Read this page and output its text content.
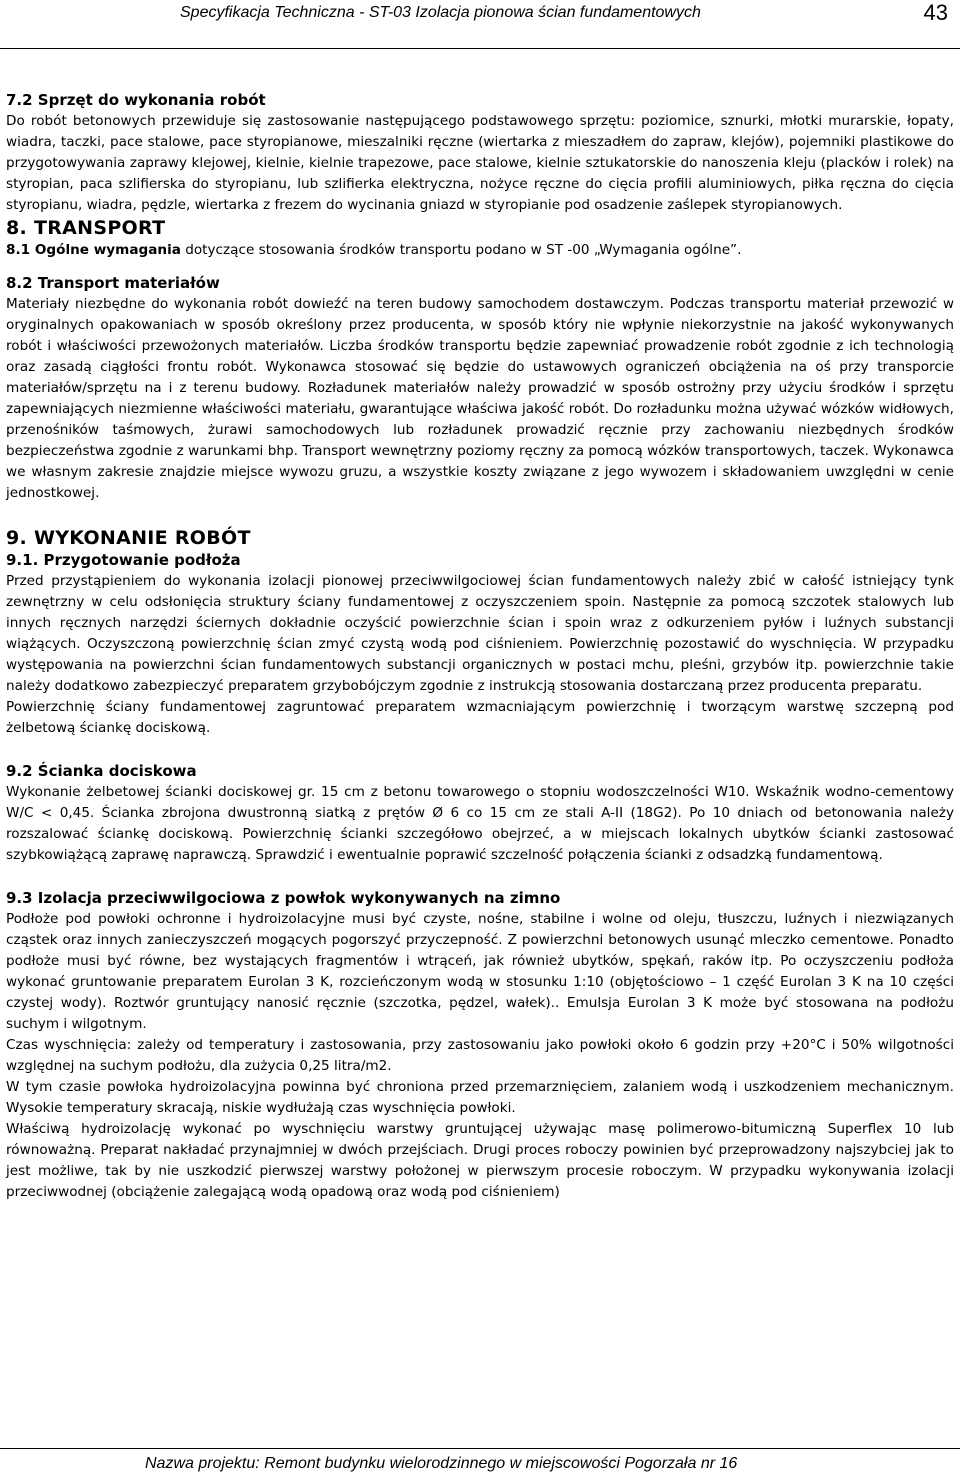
Specyfikacja Techniczna - ST-03 Izolacja pionowa ścian fundamentowych	43

7.2 Sprzęt do wykonania robót

Do robót betonowych przewiduje się zastosowanie następującego podstawowego sprzętu: poziomice, sznurki, młotki murarskie, łopaty, wiadra, taczki, pace stalowe, pace styropianowe, mieszalniki ręczne (wiertarka z mieszadłem do zapraw, klejów), pojemniki plastikowe do przygotowywania zaprawy klejowej, kielnie, kielnie trapezowe, pace stalowe, kielnie sztukatorskie do nanoszenia kleju (placków i rolek) na styropian, paca szlifierska do styropianu, lub szlifierka elektryczna, nożyce ręczne do cięcia profili aluminiowych, piłka ręczna do cięcia styropianu, wiadra, pędzle, wiertarka z frezem do wycinania gniazd w styropianie pod osadzenie zaślepek styropianowych.

8. TRANSPORT

8.1 Ogólne wymagania dotyczące stosowania środków transportu podano w ST -00 „Wymagania ogólne”.

8.2 Transport materiałów

Materiały niezbędne do wykonania robót dowieźć na teren budowy samochodem dostawczym. Podczas transportu materiał przewozić w oryginalnych opakowaniach w sposób określony przez producenta, w sposób który nie wpłynie niekorzystnie na jakość wykonywanych robót i właściwości przewożonych materiałów. Liczba środków transportu będzie zapewniać prowadzenie robót zgodnie z ich technologią oraz zasadą ciągłości frontu robót. Wykonawca stosować się będzie do ustawowych ograniczeń obciążenia na oś przy transporcie materiałów/sprzętu na i z terenu budowy. Rozładunek materiałów należy prowadzić w sposób ostrożny przy użyciu środków i sprzętu zapewniających niezmienne właściwości materiału, gwarantujące właściwa jakość robót. Do rozładunku można używać wózków widłowych, przenośników taśmowych, żurawi samochodowych lub rozładunek prowadzić ręcznie przy zachowaniu niezbędnych środków bezpieczeństwa zgodnie z warunkami bhp. Transport wewnętrzny poziomy ręczny za pomocą wózków transportowych, taczek. Wykonawca we własnym zakresie znajdzie miejsce wywozu gruzu, a wszystkie koszty związane z jego wywozem i składowaniem uwzględni w cenie jednostkowej.

9. WYKONANIE ROBÓT

9.1. Przygotowanie podłoża

Przed przystąpieniem do wykonania izolacji pionowej przeciwwilgociowej ścian fundamentowych należy zbić w całość istniejący tynk zewnętrzny w celu odsłonięcia struktury ściany fundamentowej z oczyszczeniem spoin. Następnie za pomocą szczotek stalowych lub innych ręcznych narzędzi ściernych dokładnie oczyścić powierzchnie ścian i spoin wraz z odkurzeniem pyłów i luźnych substancji wiążących. Oczyszczoną powierzchnię ścian zmyć czystą wodą pod ciśnieniem. Powierzchnię pozostawić do wyschnięcia. W przypadku występowania na powierzchni ścian fundamentowych substancji organicznych w postaci mchu, pleśni, grzybów itp. powierzchnie takie należy dodatkowo zabezpieczyć preparatem grzybobójczym zgodnie z instrukcją stosowania dostarczaną przez producenta preparatu.

Powierzchnię ściany fundamentowej zagruntować preparatem wzmacniającym powierzchnię i tworzącym warstwę szczepną pod żelbetową ściankę dociskową.

9.2 Ścianka dociskowa

Wykonanie żelbetowej ścianki dociskowej gr. 15 cm z betonu towarowego o stopniu wodoszczelności W10. Wskaźnik wodno-cementowy W/C < 0,45. Ścianka zbrojona dwustronną siatką z prętów Ø 6 co 15 cm ze stali A-II (18G2). Po 10 dniach od betonowania należy rozszalować ściankę dociskową. Powierzchnię ścianki szczegółowo obejrzeć, a w miejscach lokalnych ubytków ścianki zastosować szybkowiążącą zaprawę naprawczą. Sprawdzić i ewentualnie poprawić szczelność połączenia ścianki z odsadzką fundamentową.

9.3 Izolacja przeciwwilgociowa z powłok wykonywanych na zimno

Podłoże pod powłoki ochronne i hydroizolacyjne musi być czyste, nośne, stabilne i wolne od oleju, tłuszczu, luźnych i niezwiązanych cząstek oraz innych zanieczyszczeń mogących pogorszyć przyczepność. Z powierzchni betonowych usunąć mleczko cementowe. Ponadto podłoże musi być równe, bez wystających fragmentów i wtrąceń, jak również ubytków, spękań, raków itp. Po oczyszczeniu podłoża wykonać gruntowanie preparatem Eurolan 3 K, rozcieńczonym wodą w stosunku 1:10 (objętościowo – 1 część Eurolan 3 K na 10 części czystej wody). Roztwór gruntujący nanosić ręcznie (szczotka, pędzel, wałek).. Emulsja Eurolan 3 K może być stosowana na podłożu suchym i wilgotnym.

Czas wyschnięcia: zależy od temperatury i zastosowania, przy zastosowaniu jako powłoki około 6 godzin przy +20°C i 50% wilgotności względnej na suchym podłożu, dla zużycia 0,25 litra/m2.

W tym czasie powłoka hydroizolacyjna powinna być chroniona przed przemarznięciem, zalaniem wodą i uszkodzeniem mechanicznym. Wysokie temperatury skracają, niskie wydłużają czas wyschnięcia powłoki.

Właściwą hydroizolację wykonać po wyschnięciu warstwy gruntującej używając masę polimerowo-bitumiczną Superflex 10 lub równoważną. Preparat nakładać przynajmniej w dwóch przejściach. Drugi proces roboczy powinien być przeprowadzony najszybciej jak to jest możliwe, tak by nie uszkodzić pierwszej warstwy położonej w pierwszym procesie roboczym. W przypadku wykonywania izolacji przeciwwodnej (obciążenie zalegającą wodą opadową oraz wodą pod ciśnieniem)

Nazwa projektu: Remont budynku wielorodzinnego w miejscowości Pogorzała nr 16
